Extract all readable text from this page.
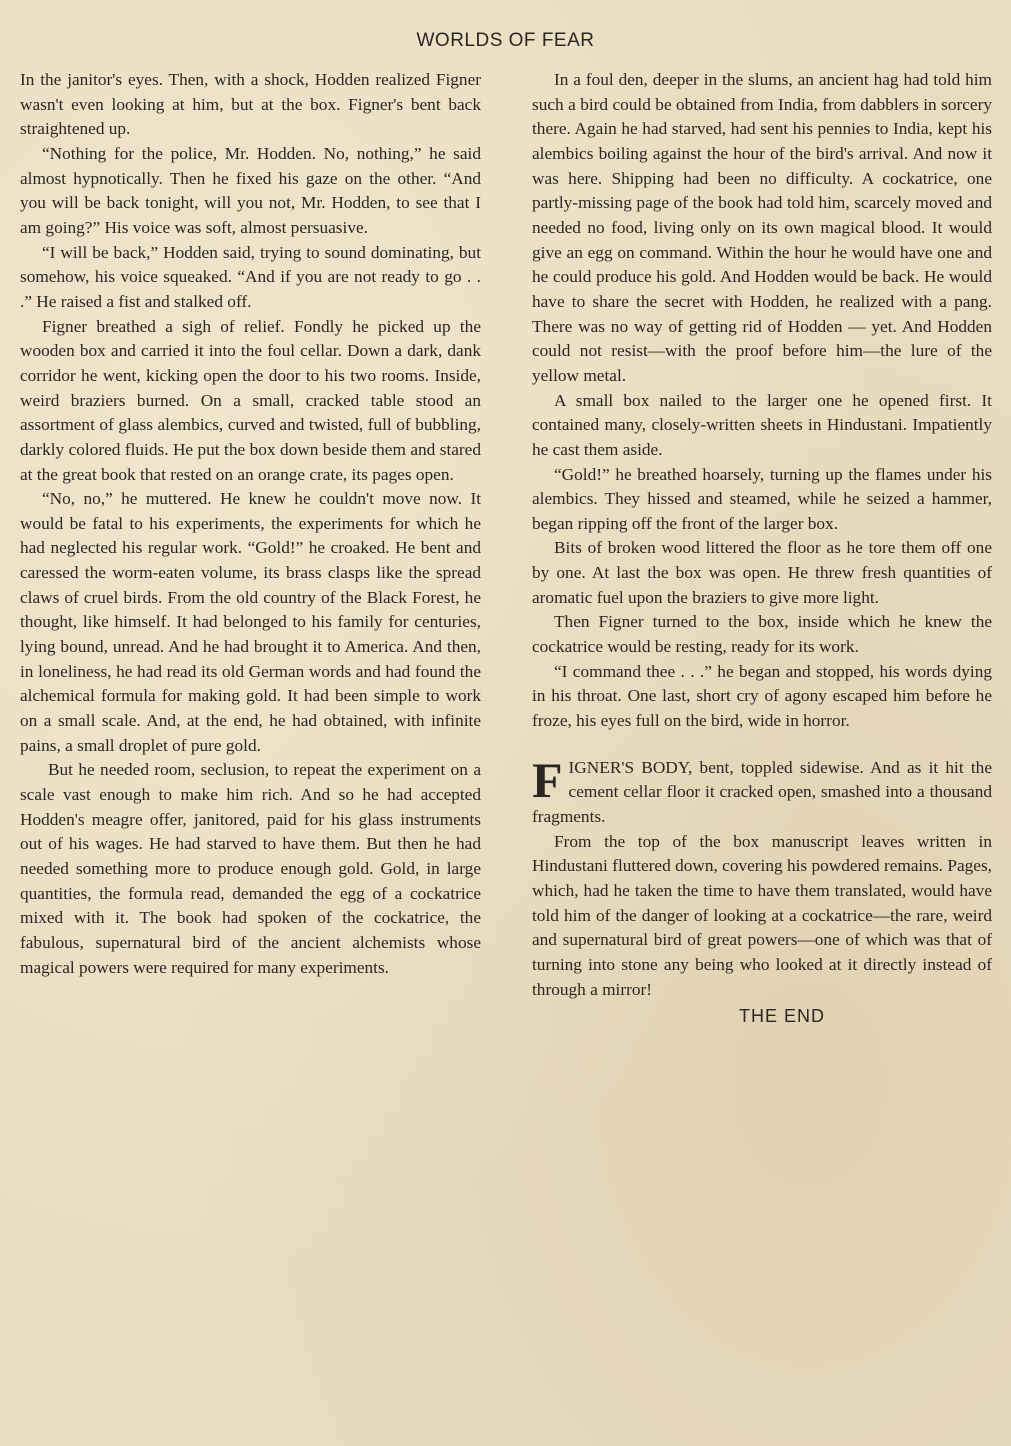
WORLDS OF FEAR

In the janitor's eyes. Then, with a shock, Hodden realized Figner wasn't even looking at him, but at the box. Figner's bent back straightened up.

“Nothing for the police, Mr. Hodden. No, nothing,” he said almost hypnotically. Then he fixed his gaze on the other. “And you will be back tonight, will you not, Mr. Hodden, to see that I am going?” His voice was soft, almost persuasive.

“I will be back,” Hodden said, trying to sound dominating, but somehow, his voice squeaked. “And if you are not ready to go . . .” He raised a fist and stalked off.

Figner breathed a sigh of relief. Fondly he picked up the wooden box and carried it into the foul cellar. Down a dark, dank corridor he went, kicking open the door to his two rooms. Inside, weird braziers burned. On a small, cracked table stood an assortment of glass alembics, curved and twisted, full of bubbling, darkly colored fluids. He put the box down beside them and stared at the great book that rested on an orange crate, its pages open.

“No, no,” he muttered. He knew he couldn't move now. It would be fatal to his experiments, the experiments for which he had neglected his regular work. “Gold!” he croaked. He bent and caressed the worm-eaten volume, its brass clasps like the spread claws of cruel birds. From the old country of the Black Forest, he thought, like himself. It had belonged to his family for centuries, lying bound, unread. And he had brought it to America. And then, in loneliness, he had read its old German words and had found the alchemical formula for making gold. It had been simple to work on a small scale. And, at the end, he had obtained, with infinite pains, a small droplet of pure gold.

But he needed room, seclusion, to repeat the experiment on a scale vast enough to make him rich. And so he had accepted Hodden's meagre offer, janitored, paid for his glass instruments out of his wages. He had starved to have them. But then he had needed something more to produce enough gold. Gold, in large quantities, the formula read, demanded the egg of a cockatrice mixed with it. The book had spoken of the cockatrice, the fabulous, supernatural bird of the ancient alchemists whose magical powers were required for many experiments.

In a foul den, deeper in the slums, an ancient hag had told him such a bird could be obtained from India, from dabblers in sorcery there. Again he had starved, had sent his pennies to India, kept his alembics boiling against the hour of the bird's arrival. And now it was here. Shipping had been no difficulty. A cockatrice, one partly-missing page of the book had told him, scarcely moved and needed no food, living only on its own magical blood. It would give an egg on command. Within the hour he would have one and he could produce his gold. And Hodden would be back. He would have to share the secret with Hodden, he realized with a pang. There was no way of getting rid of Hodden — yet. And Hodden could not resist—with the proof before him—the lure of the yellow metal.

A small box nailed to the larger one he opened first. It contained many, closely-written sheets in Hindustani. Impatiently he cast them aside.

“Gold!” he breathed hoarsely, turning up the flames under his alembics. They hissed and steamed, while he seized a hammer, began ripping off the front of the larger box.

Bits of broken wood littered the floor as he tore them off one by one. At last the box was open. He threw fresh quantities of aromatic fuel upon the braziers to give more light.

Then Figner turned to the box, inside which he knew the cockatrice would be resting, ready for its work.

“I command thee . . .” he began and stopped, his words dying in his throat. One last, short cry of agony escaped him before he froze, his eyes full on the bird, wide in horror.

FIGNER'S BODY, bent, toppled sidewise. And as it hit the cement cellar floor it cracked open, smashed into a thousand fragments.

From the top of the box manuscript leaves written in Hindustani fluttered down, covering his powdered remains. Pages, which, had he taken the time to have them translated, would have told him of the danger of looking at a cockatrice—the rare, weird and supernatural bird of great powers—one of which was that of turning into stone any being who looked at it directly instead of through a mirror!

THE END
